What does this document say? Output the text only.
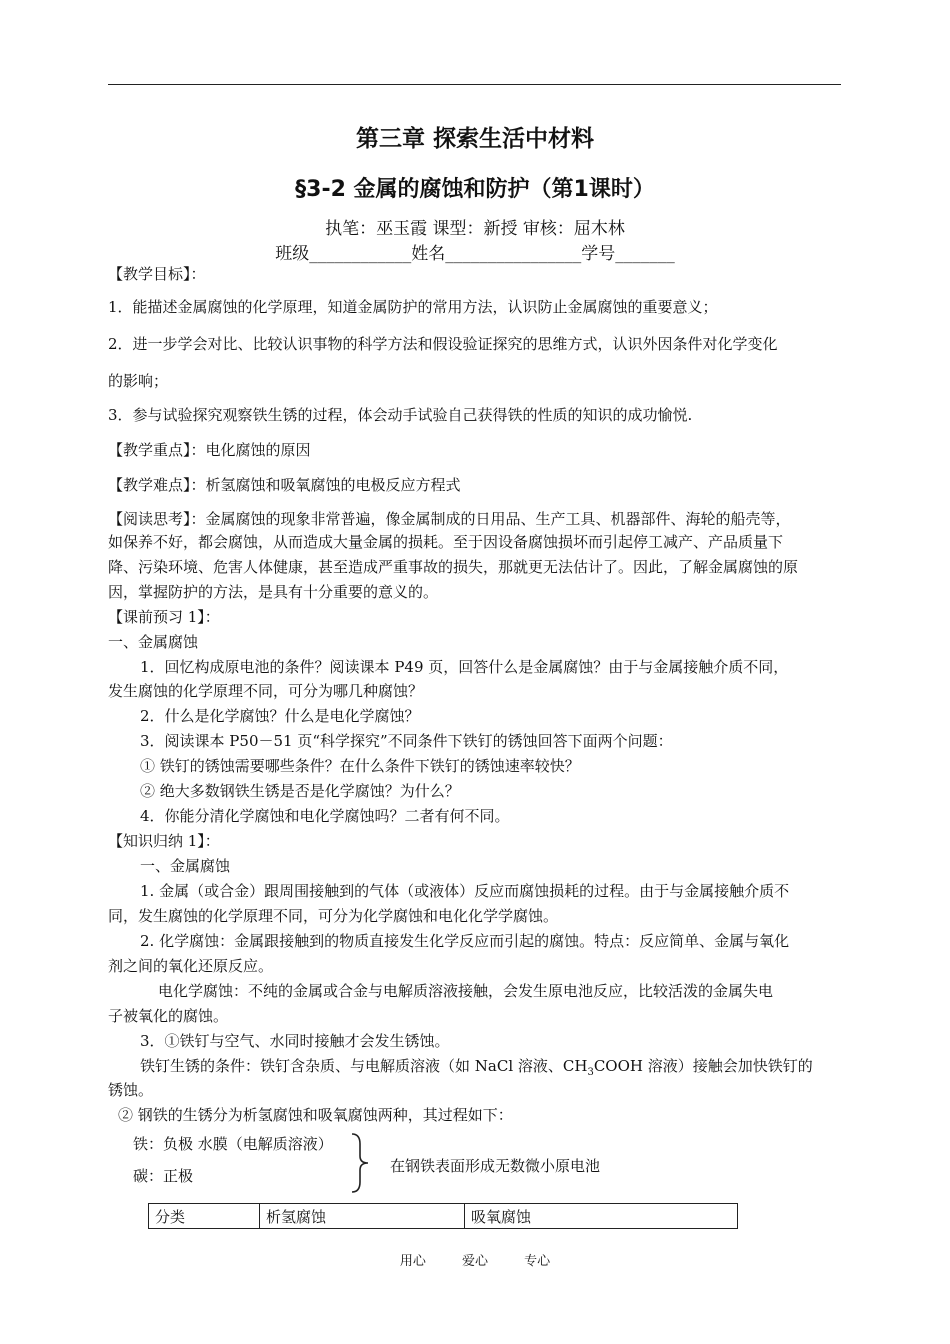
第三章 探索生活中材料
§3-2 金属的腐蚀和防护（第1课时）
执笔：巫玉霞 课型：新授 审核：屈木林
班级____________姓名________________学号_______
【教学目标】：
1．能描述金属腐蚀的化学原理，知道金属防护的常用方法，认识防止金属腐蚀的重要意义；
2．进一步学会对比、比较认识事物的科学方法和假设验证探究的思维方式，认识外因条件对化学变化
的影响；
3．参与试验探究观察铁生锈的过程，体会动手试验自己获得铁的性质的知识的成功愉悦.
【教学重点】：电化腐蚀的原因
【教学难点】：析氢腐蚀和吸氧腐蚀的电极反应方程式
【阅读思考】：金属腐蚀的现象非常普遍，像金属制成的日用品、生产工具、机器部件、海轮的船壳等，
如保养不好，都会腐蚀，从而造成大量金属的损耗。至于因设备腐蚀损坏而引起停工减产、产品质量下
降、污染环境、危害人体健康，甚至造成严重事故的损失，那就更无法估计了。因此，了解金属腐蚀的原
因，掌握防护的方法，是具有十分重要的意义的。
【课前预习 1】：
一、金属腐蚀
1．回忆构成原电池的条件？阅读课本 P49 页，回答什么是金属腐蚀？由于与金属接触介质不同，
发生腐蚀的化学原理不同，可分为哪几种腐蚀？
2．什么是化学腐蚀？什么是电化学腐蚀？
3．阅读课本 P50－51 页“科学探究”不同条件下铁钉的锈蚀回答下面两个问题：
① 铁钉的锈蚀需要哪些条件？在什么条件下铁钉的锈蚀速率较快？
② 绝大多数钢铁生锈是否是化学腐蚀？为什么？
4．你能分清化学腐蚀和电化学腐蚀吗？二者有何不同。
【知识归纳 1】：
一、金属腐蚀
1. 金属（或合金）跟周围接触到的气体（或液体）反应而腐蚀损耗的过程。由于与金属接触介质不
同，发生腐蚀的化学原理不同，可分为化学腐蚀和电化化学学腐蚀。
2. 化学腐蚀：金属跟接触到的物质直接发生化学反应而引起的腐蚀。特点：反应简单、金属与氧化
剂之间的氧化还原反应。
电化学腐蚀：不纯的金属或合金与电解质溶液接触，会发生原电池反应，比较活泼的金属失电
子被氧化的腐蚀。
3．①铁钉与空气、水同时接触才会发生锈蚀。
铁钉生锈的条件：铁钉含杂质、与电解质溶液（如 NaCl 溶液、$CH_3COOH$ 溶液）接触会加快铁钉的
锈蚀。
② 钢铁的生锈分为析氢腐蚀和吸氧腐蚀两种，其过程如下：
铁：负极 水膜（电解质溶液）
碳：正极
在钢铁表面形成无数微小原电池
分类	析氢腐蚀	吸氧腐蚀
用心	爱心	专心
